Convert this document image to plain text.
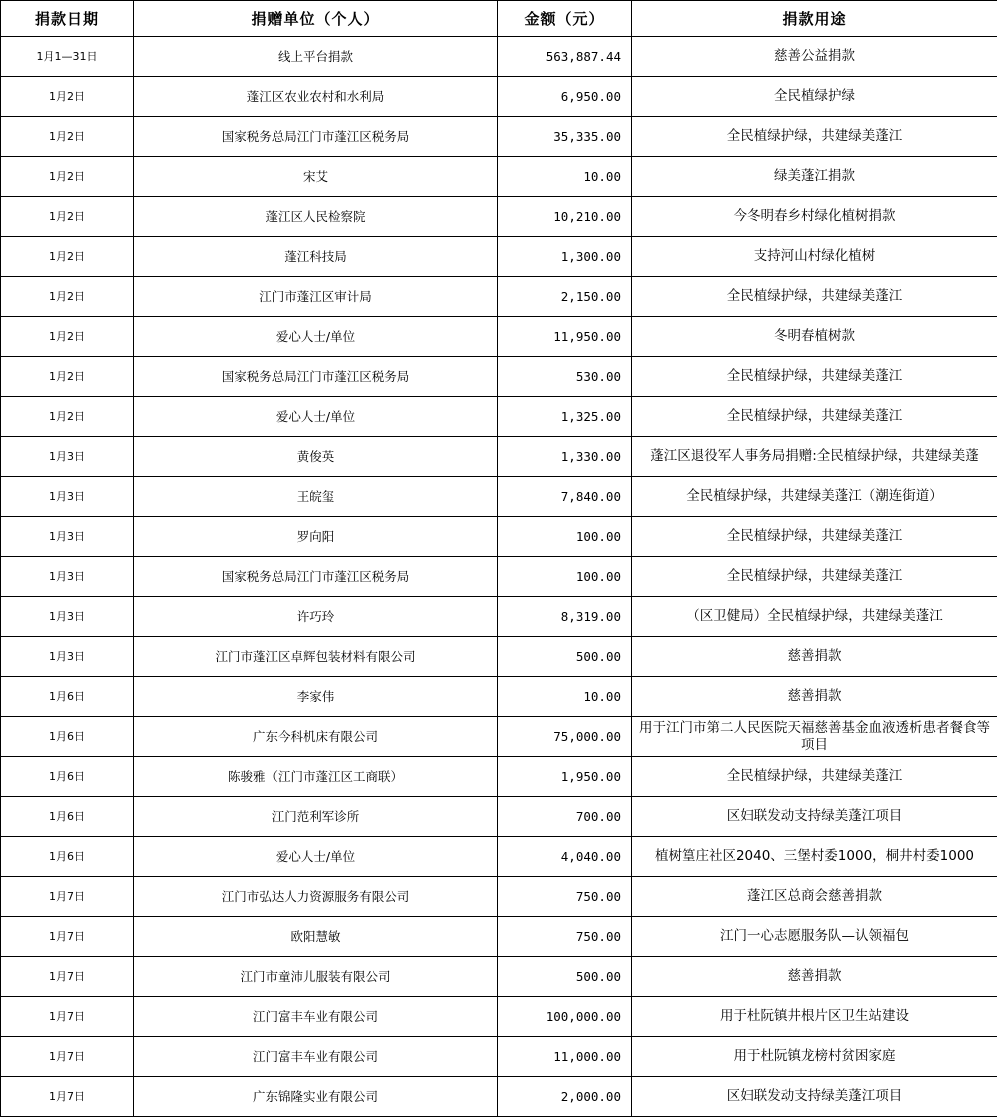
捐款日期	捐赠单位（个人）	金额（元）	捐款用途
1月1—31日	线上平台捐款	563,887.44	慈善公益捐款
1月2日	蓬江区农业农村和水利局	6,950.00	全民植绿护绿
1月2日	国家税务总局江门市蓬江区税务局	35,335.00	全民植绿护绿，共建绿美蓬江
1月2日	宋艾	10.00	绿美蓬江捐款
1月2日	蓬江区人民检察院	10,210.00	今冬明春乡村绿化植树捐款
1月2日	蓬江科技局	1,300.00	支持河山村绿化植树
1月2日	江门市蓬江区审计局	2,150.00	全民植绿护绿，共建绿美蓬江
1月2日	爱心人士/单位	11,950.00	冬明春植树款
1月2日	国家税务总局江门市蓬江区税务局	530.00	全民植绿护绿，共建绿美蓬江
1月2日	爱心人士/单位	1,325.00	全民植绿护绿，共建绿美蓬江
1月3日	黄俊英	1,330.00	蓬江区退役军人事务局捐赠:全民植绿护绿，共建绿美蓬
1月3日	王皖玺	7,840.00	全民植绿护绿，共建绿美蓬江（潮连街道）
1月3日	罗向阳	100.00	全民植绿护绿，共建绿美蓬江
1月3日	国家税务总局江门市蓬江区税务局	100.00	全民植绿护绿，共建绿美蓬江
1月3日	许巧玲	8,319.00	（区卫健局）全民植绿护绿，共建绿美蓬江
1月3日	江门市蓬江区卓辉包装材料有限公司	500.00	慈善捐款
1月6日	李家伟	10.00	慈善捐款
1月6日	广东今科机床有限公司	75,000.00	用于江门市第二人民医院天福慈善基金血液透析患者餐食等项目
1月6日	陈骏雅（江门市蓬江区工商联）	1,950.00	全民植绿护绿，共建绿美蓬江
1月6日	江门范利军诊所	700.00	区妇联发动支持绿美蓬江项目
1月6日	爱心人士/单位	4,040.00	植树篁庄社区2040、三堡村委1000，桐井村委1000
1月7日	江门市弘达人力资源服务有限公司	750.00	蓬江区总商会慈善捐款
1月7日	欧阳慧敏	750.00	江门一心志愿服务队—认领福包
1月7日	江门市童沛儿服装有限公司	500.00	慈善捐款
1月7日	江门富丰车业有限公司	100,000.00	用于杜阮镇井根片区卫生站建设
1月7日	江门富丰车业有限公司	11,000.00	用于杜阮镇龙榜村贫困家庭
1月7日	广东锦隆实业有限公司	2,000.00	区妇联发动支持绿美蓬江项目
